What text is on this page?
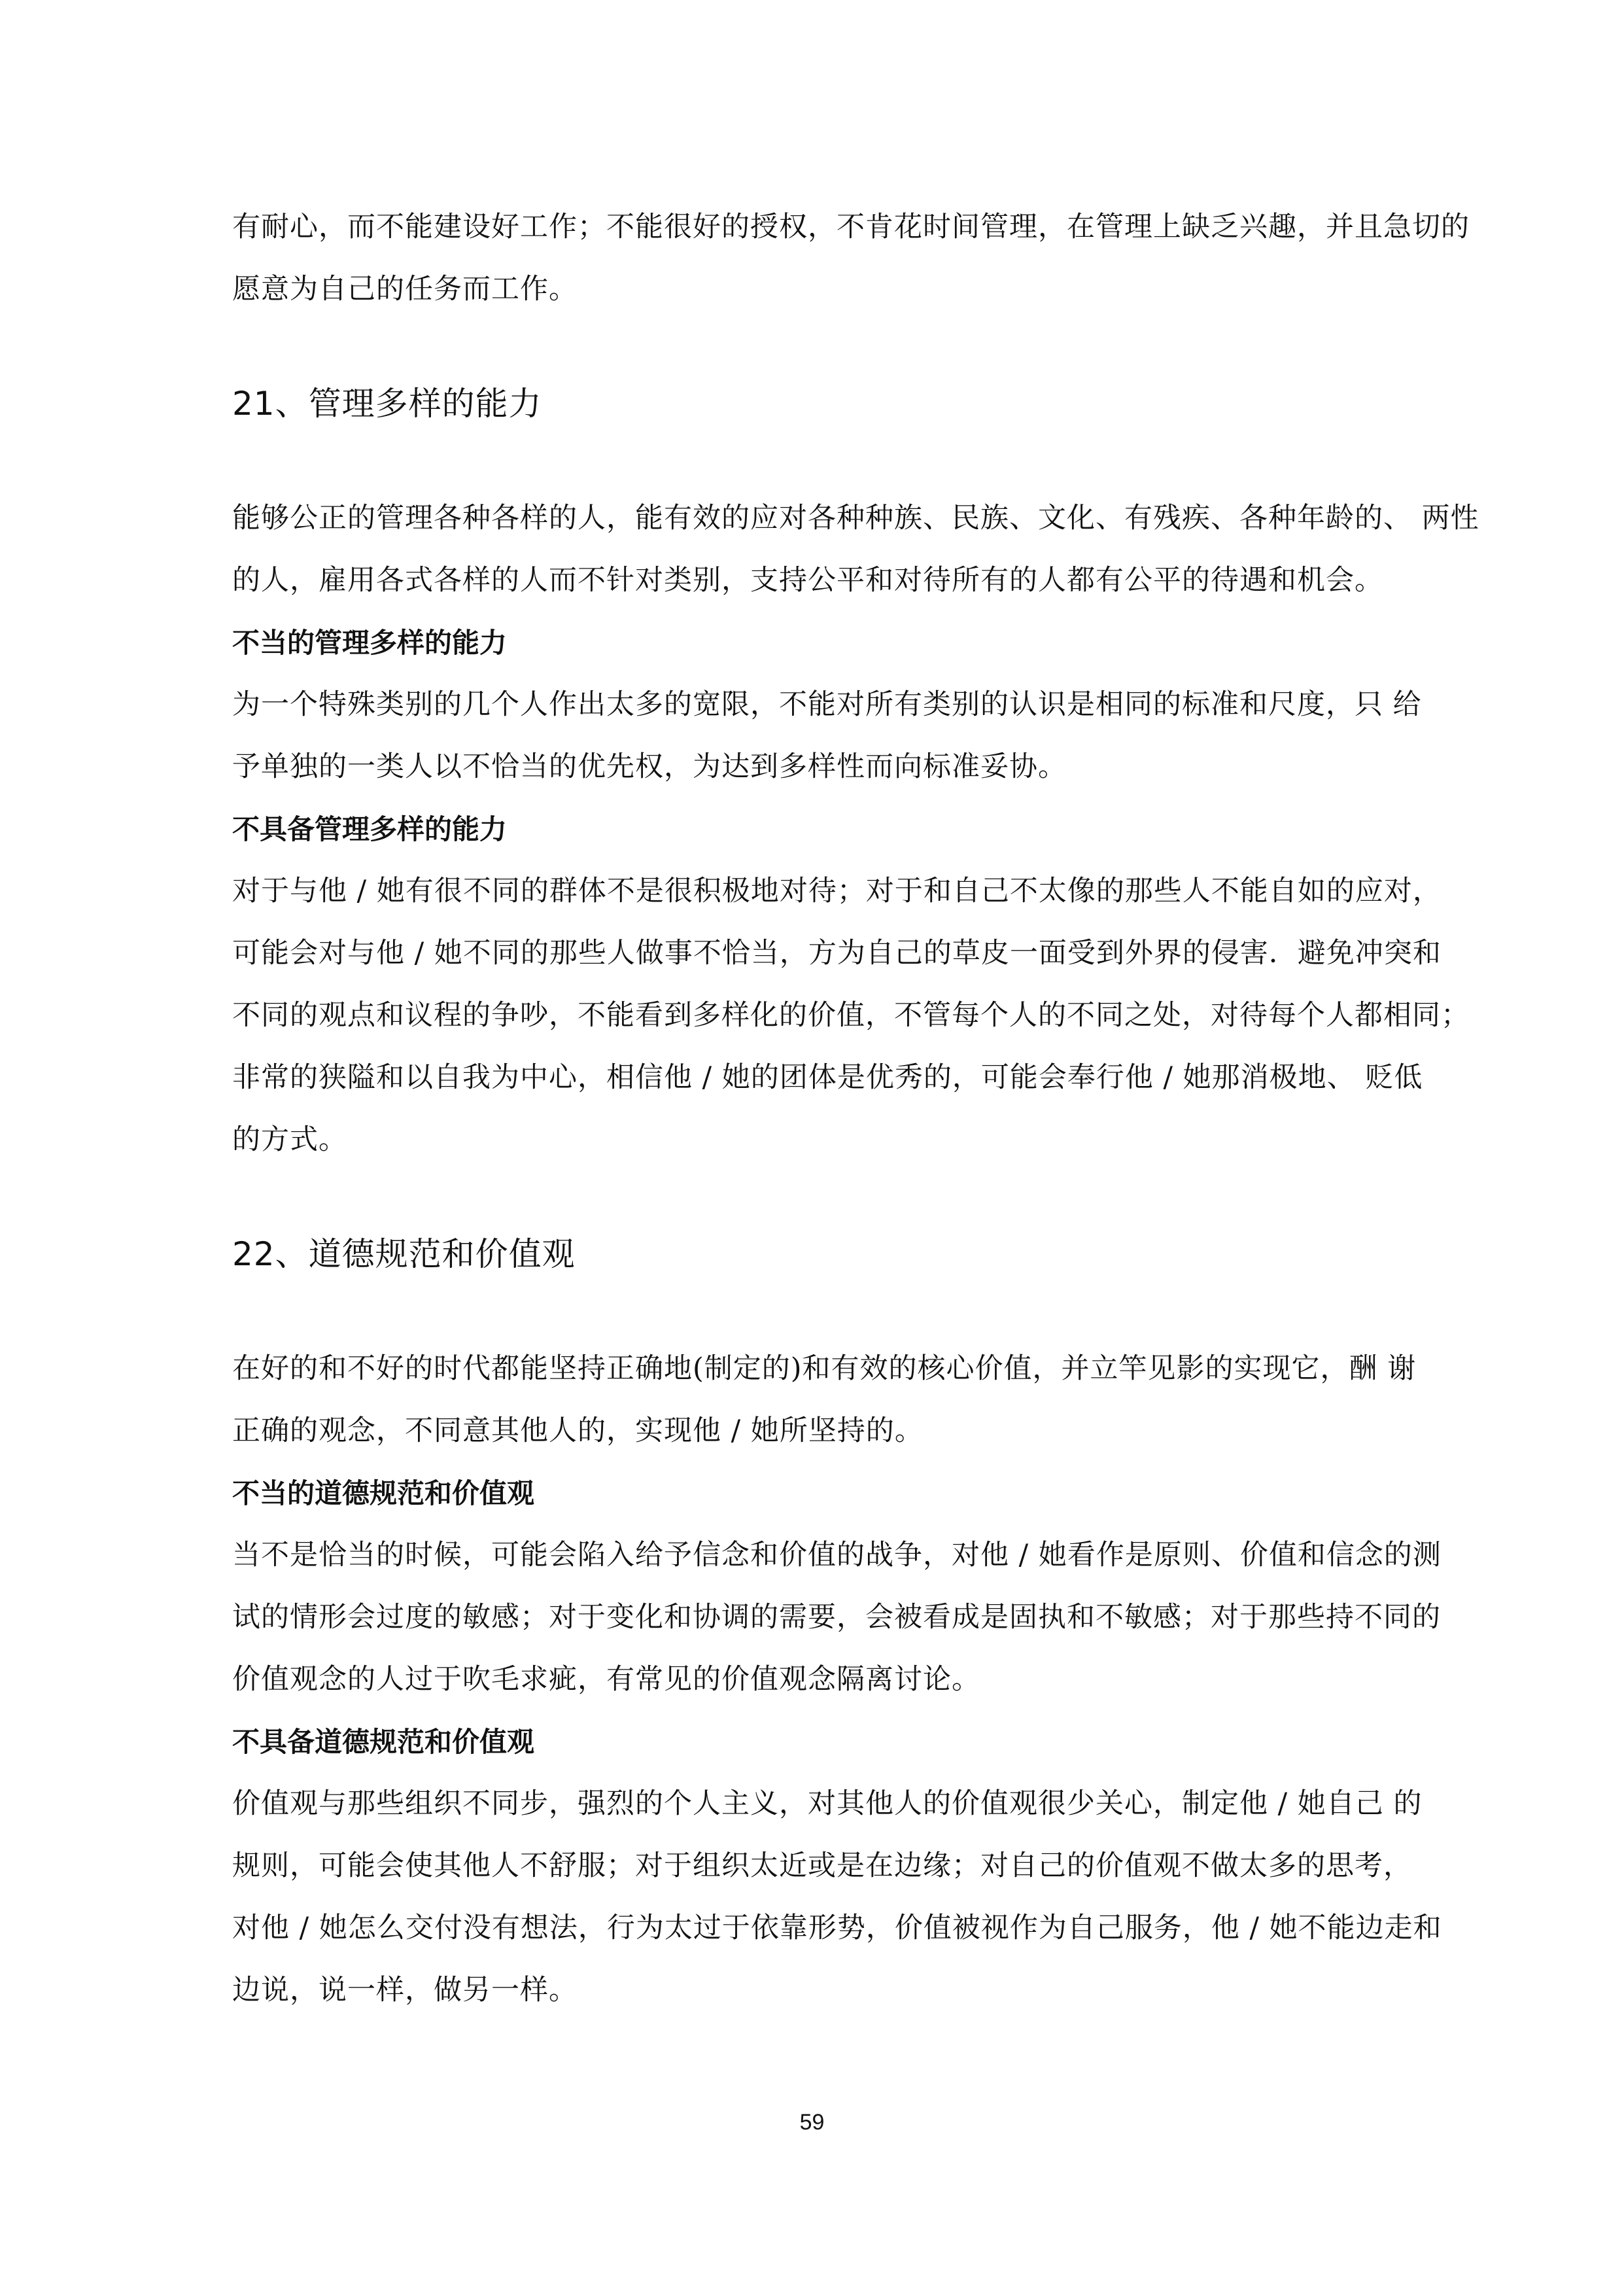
有耐心，而不能建设好工作；不能很好的授权，不肯花时间管理，在管理上缺乏兴趣，并且急切的
愿意为自己的任务而工作。
21、管理多样的能力
能够公正的管理各种各样的人，能有效的应对各种种族、民族、文化、有残疾、各种年龄的、 两性
的人，雇用各式各样的人而不针对类别，支持公平和对待所有的人都有公平的待遇和机会。
不当的管理多样的能力
为一个特殊类别的几个人作出太多的宽限，不能对所有类别的认识是相同的标准和尺度，只 给
予单独的一类人以不恰当的优先权，为达到多样性而向标准妥协。
不具备管理多样的能力
对于与他 / 她有很不同的群体不是很积极地对待；对于和自己不太像的那些人不能自如的应对，
可能会对与他 / 她不同的那些人做事不恰当，方为自己的草皮一面受到外界的侵害．避免冲突和
不同的观点和议程的争吵，不能看到多样化的价值，不管每个人的不同之处，对待每个人都相同；
非常的狭隘和以自我为中心，相信他 / 她的团体是优秀的，可能会奉行他 / 她那消极地、 贬低
的方式。
22、道德规范和价值观
在好的和不好的时代都能坚持正确地(制定的)和有效的核心价值，并立竿见影的实现它，酬 谢
正确的观念，不同意其他人的，实现他 / 她所坚持的。
不当的道德规范和价值观
当不是恰当的时候，可能会陷入给予信念和价值的战争，对他 / 她看作是原则、价值和信念的测
试的情形会过度的敏感；对于变化和协调的需要，会被看成是固执和不敏感；对于那些持不同的
价值观念的人过于吹毛求疵，有常见的价值观念隔离讨论。
不具备道德规范和价值观
价值观与那些组织不同步，强烈的个人主义，对其他人的价值观很少关心，制定他 / 她自己 的
规则，可能会使其他人不舒服；对于组织太近或是在边缘；对自己的价值观不做太多的思考，
对他 / 她怎么交付没有想法，行为太过于依靠形势，价值被视作为自己服务，他 / 她不能边走和
边说，说一样，做另一样。
59
